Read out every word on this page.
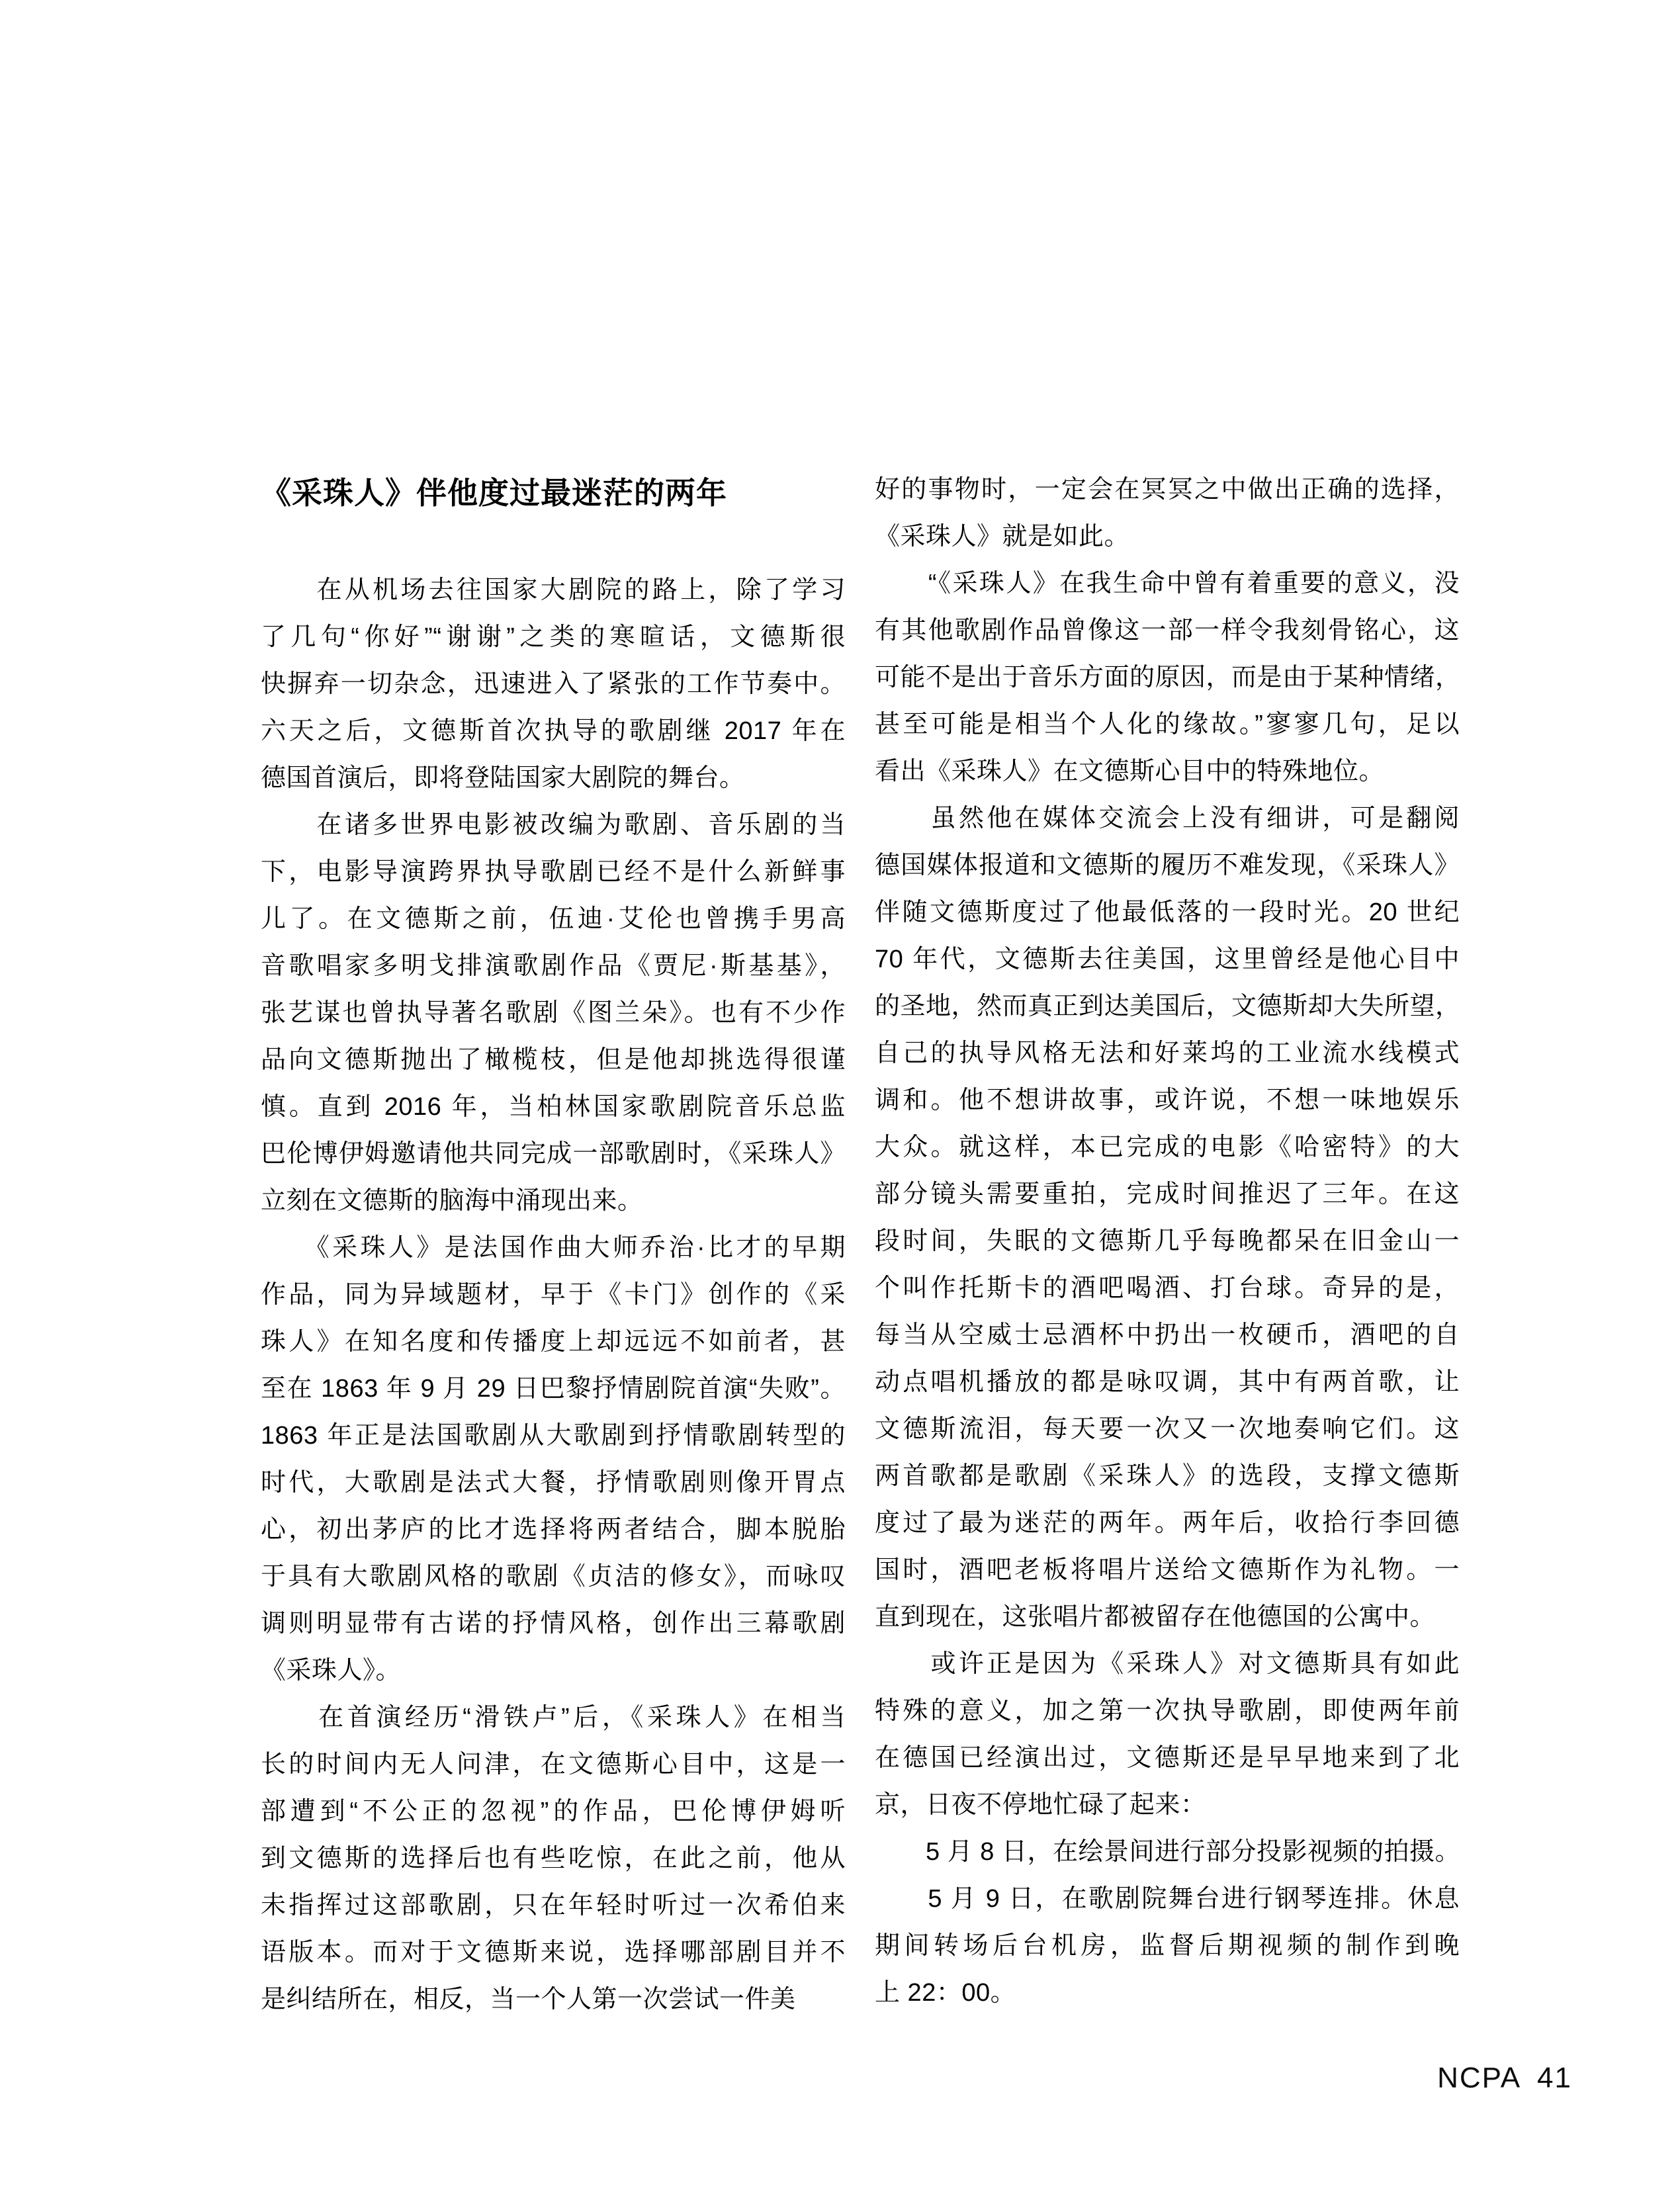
《采珠人》伴他度过最迷茫的两年
　　在从机场去往国家大剧院的路上，除了学习
了几句“你好”“谢谢”之类的寒暄话，文德斯很
快摒弃一切杂念，迅速进入了紧张的工作节奏中。
六天之后，文德斯首次执导的歌剧继 2017 年在
德国首演后，即将登陆国家大剧院的舞台。
　　在诸多世界电影被改编为歌剧、音乐剧的当
下，电影导演跨界执导歌剧已经不是什么新鲜事
儿了。在文德斯之前，伍迪·艾伦也曾携手男高
音歌唱家多明戈排演歌剧作品《贾尼·斯基基》，
张艺谋也曾执导著名歌剧《图兰朵》。也有不少作
品向文德斯抛出了橄榄枝，但是他却挑选得很谨
慎。直到 2016 年，当柏林国家歌剧院音乐总监
巴伦博伊姆邀请他共同完成一部歌剧时，《采珠人》
立刻在文德斯的脑海中涌现出来。
　　《采珠人》是法国作曲大师乔治·比才的早期
作品，同为异域题材，早于《卡门》创作的《采
珠人》在知名度和传播度上却远远不如前者，甚
至在 1863 年 9 月 29 日巴黎抒情剧院首演“失败”。
1863 年正是法国歌剧从大歌剧到抒情歌剧转型的
时代，大歌剧是法式大餐，抒情歌剧则像开胃点
心，初出茅庐的比才选择将两者结合，脚本脱胎
于具有大歌剧风格的歌剧《贞洁的修女》，而咏叹
调则明显带有古诺的抒情风格，创作出三幕歌剧
《采珠人》。
　　在首演经历“滑铁卢”后，《采珠人》在相当
长的时间内无人问津，在文德斯心目中，这是一
部遭到“不公正的忽视”的作品，巴伦博伊姆听
到文德斯的选择后也有些吃惊，在此之前，他从
未指挥过这部歌剧，只在年轻时听过一次希伯来
语版本。而对于文德斯来说，选择哪部剧目并不
是纠结所在，相反，当一个人第一次尝试一件美
好的事物时，一定会在冥冥之中做出正确的选择，
《采珠人》就是如此。
　　“《采珠人》在我生命中曾有着重要的意义，没
有其他歌剧作品曾像这一部一样令我刻骨铭心，这
可能不是出于音乐方面的原因，而是由于某种情绪，
甚至可能是相当个人化的缘故。”寥寥几句，足以
看出《采珠人》在文德斯心目中的特殊地位。
　　虽然他在媒体交流会上没有细讲，可是翻阅
德国媒体报道和文德斯的履历不难发现，《采珠人》
伴随文德斯度过了他最低落的一段时光。20 世纪
70 年代，文德斯去往美国，这里曾经是他心目中
的圣地，然而真正到达美国后，文德斯却大失所望，
自己的执导风格无法和好莱坞的工业流水线模式
调和。他不想讲故事，或许说，不想一味地娱乐
大众。就这样，本已完成的电影《哈密特》的大
部分镜头需要重拍，完成时间推迟了三年。在这
段时间，失眠的文德斯几乎每晚都呆在旧金山一
个叫作托斯卡的酒吧喝酒、打台球。奇异的是，
每当从空威士忌酒杯中扔出一枚硬币，酒吧的自
动点唱机播放的都是咏叹调，其中有两首歌，让
文德斯流泪，每天要一次又一次地奏响它们。这
两首歌都是歌剧《采珠人》的选段，支撑文德斯
度过了最为迷茫的两年。两年后，收拾行李回德
国时，酒吧老板将唱片送给文德斯作为礼物。一
直到现在，这张唱片都被留存在他德国的公寓中。
　　或许正是因为《采珠人》对文德斯具有如此
特殊的意义，加之第一次执导歌剧，即使两年前
在德国已经演出过，文德斯还是早早地来到了北
京，日夜不停地忙碌了起来：
　　5 月 8 日，在绘景间进行部分投影视频的拍摄。
　　5 月 9 日，在歌剧院舞台进行钢琴连排。休息
期间转场后台机房，监督后期视频的制作到晚
上 22：00。
NCPA 41
